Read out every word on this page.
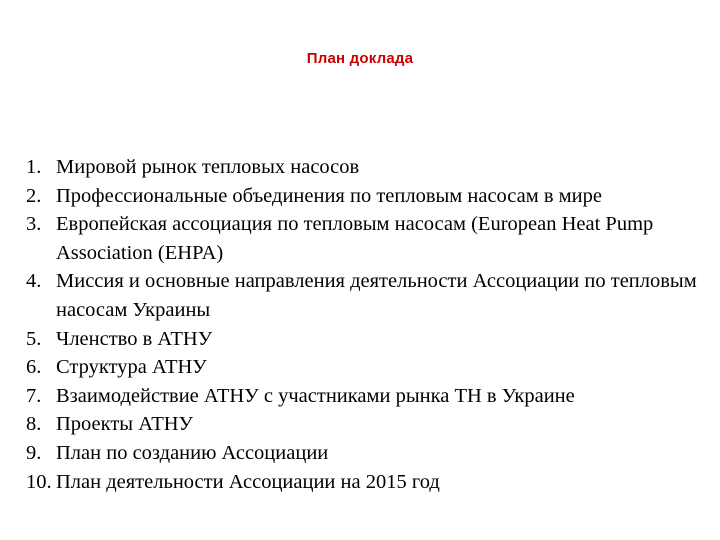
План доклада
1. Мировой рынок тепловых насосов
2. Профессиональные объединения по тепловым насосам в мире
3. Европейская ассоциация по тепловым насосам (European Heat Pump Association (EHPA)
4. Миссия и основные направления деятельности Ассоциации по тепловым насосам Украины
5. Членство в АТНУ
6. Структура АТНУ
7. Взаимодействие АТНУ с участниками рынка ТН в Украине
8. Проекты АТНУ
9. План по созданию Ассоциации
10. План деятельности Ассоциации на 2015 год
